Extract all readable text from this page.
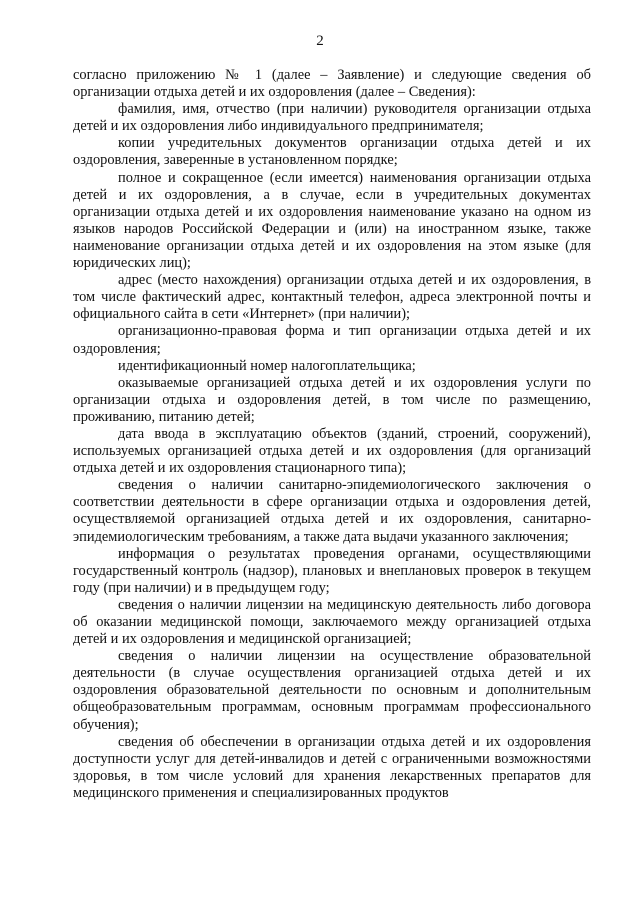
2

согласно приложению № 1 (далее – Заявление) и следующие сведения об организации отдыха детей и их оздоровления (далее – Сведения):

фамилия, имя, отчество (при наличии) руководителя организации отдыха детей и их оздоровления либо индивидуального предпринимателя;

копии учредительных документов организации отдыха детей и их оздоровления, заверенные в установленном порядке;

полное и сокращенное (если имеется) наименования организации отдыха детей и их оздоровления, а в случае, если в учредительных документах организации отдыха детей и их оздоровления наименование указано на одном из языков народов Российской Федерации и (или) на иностранном языке, также наименование организации отдыха детей и их оздоровления на этом языке (для юридических лиц);

адрес (место нахождения) организации отдыха детей и их оздоровления, в том числе фактический адрес, контактный телефон, адреса электронной почты и официального сайта в сети «Интернет» (при наличии);

организационно-правовая форма и тип организации отдыха детей и их оздоровления;

идентификационный номер налогоплательщика;

оказываемые организацией отдыха детей и их оздоровления услуги по организации отдыха и оздоровления детей, в том числе по размещению, проживанию, питанию детей;

дата ввода в эксплуатацию объектов (зданий, строений, сооружений), используемых организацией отдыха детей и их оздоровления (для организаций отдыха детей и их оздоровления стационарного типа);

сведения о наличии санитарно-эпидемиологического заключения о соответствии деятельности в сфере организации отдыха и оздоровления детей, осуществляемой организацией отдыха детей и их оздоровления, санитарно-эпидемиологическим требованиям, а также дата выдачи указанного заключения;

информация о результатах проведения органами, осуществляющими государственный контроль (надзор), плановых и внеплановых проверок в текущем году (при наличии) и в предыдущем году;

сведения о наличии лицензии на медицинскую деятельность либо договора об оказании медицинской помощи, заключаемого между организацией отдыха детей и их оздоровления и медицинской организацией;

сведения о наличии лицензии на осуществление образовательной деятельности (в случае осуществления организацией отдыха детей и их оздоровления образовательной деятельности по основным и дополнительным общеобразовательным программам, основным программам профессионального обучения);

сведения об обеспечении в организации отдыха детей и их оздоровления доступности услуг для детей-инвалидов и детей с ограниченными возможностями здоровья, в том числе условий для хранения лекарственных препаратов для медицинского применения и специализированных продуктов
